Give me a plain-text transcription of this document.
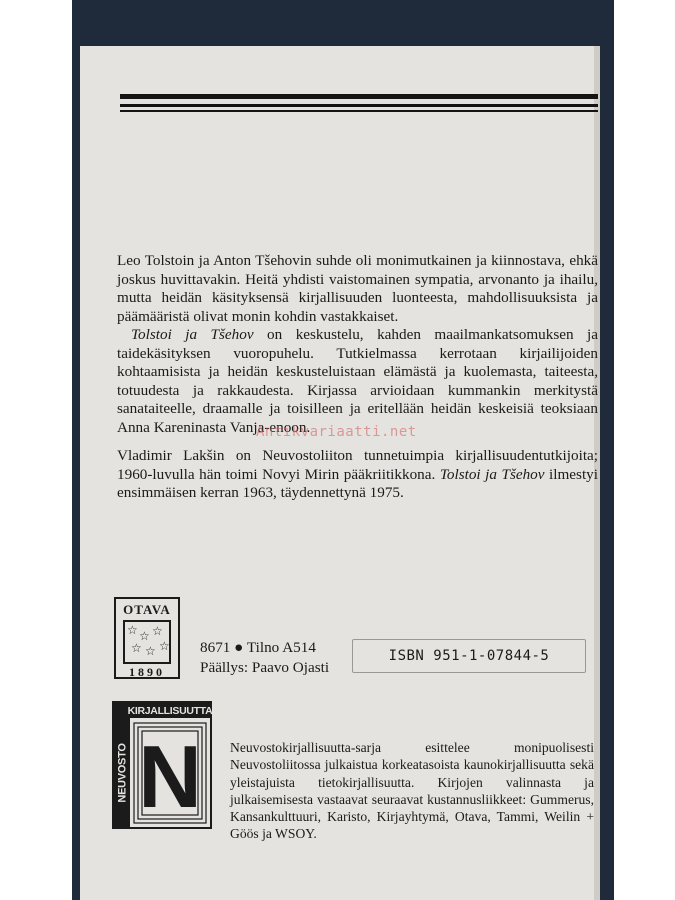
Leo Tolstoin ja Anton Tšehovin suhde oli monimutkainen ja kiinnostava, ehkä joskus huvittavakin. Heitä yhdisti vaistomainen sympatia, arvonanto ja ihailu, mutta heidän käsityksensä kirjallisuuden luonteesta, mahdollisuuksista ja päämääristä olivat monin kohdin vastakkaiset.

Tolstoi ja Tšehov on keskustelu, kahden maailmankatsomuksen ja taidekäsityksen vuoropuhelu. Tutkielmassa kerrotaan kirjailijoiden kohtaamisista ja heidän keskusteluistaan elämästä ja kuolemasta, taiteesta, totuudesta ja rakkaudesta. Kirjassa arvioidaan kummankin merkitystä sanataiteelle, draamalle ja toisilleen ja eritellään heidän keskeisiä teoksiaan Anna Kareninasta Vanja-enoon.

Vladimir Lakšin on Neuvostoliiton tunnetuimpia kirjallisuudentutkijoita; 1960-luvulla hän toimi Novyi Mirin pääkriitikkona. Tolstoi ja Tšehov ilmestyi ensimmäisen kerran 1963, täydennettynä 1975.

Antikvariaatti.net
OTAVA
☆ ☆ ☆
☆ ☆ ☆
1890
8671 ● Tilno A514
Päällys: Paavo Ojasti
ISBN 951-1-07844-5
KIRJALLISUUTTA
NEUVOSTO N Neuvostokirjallisuutta-sarja esittelee monipuolisesti Neuvostoliitossa julkaistua korkeatasoista kaunokirjallisuutta sekä yleistajuista tietokirjallisuutta. Kirjojen valinnasta ja julkaisemisesta vastaavat seuraavat kustannusliikkeet: Gummerus, Kansankulttuuri, Karisto, Kirjayhtymä, Otava, Tammi, Weilin + Göös ja WSOY.
